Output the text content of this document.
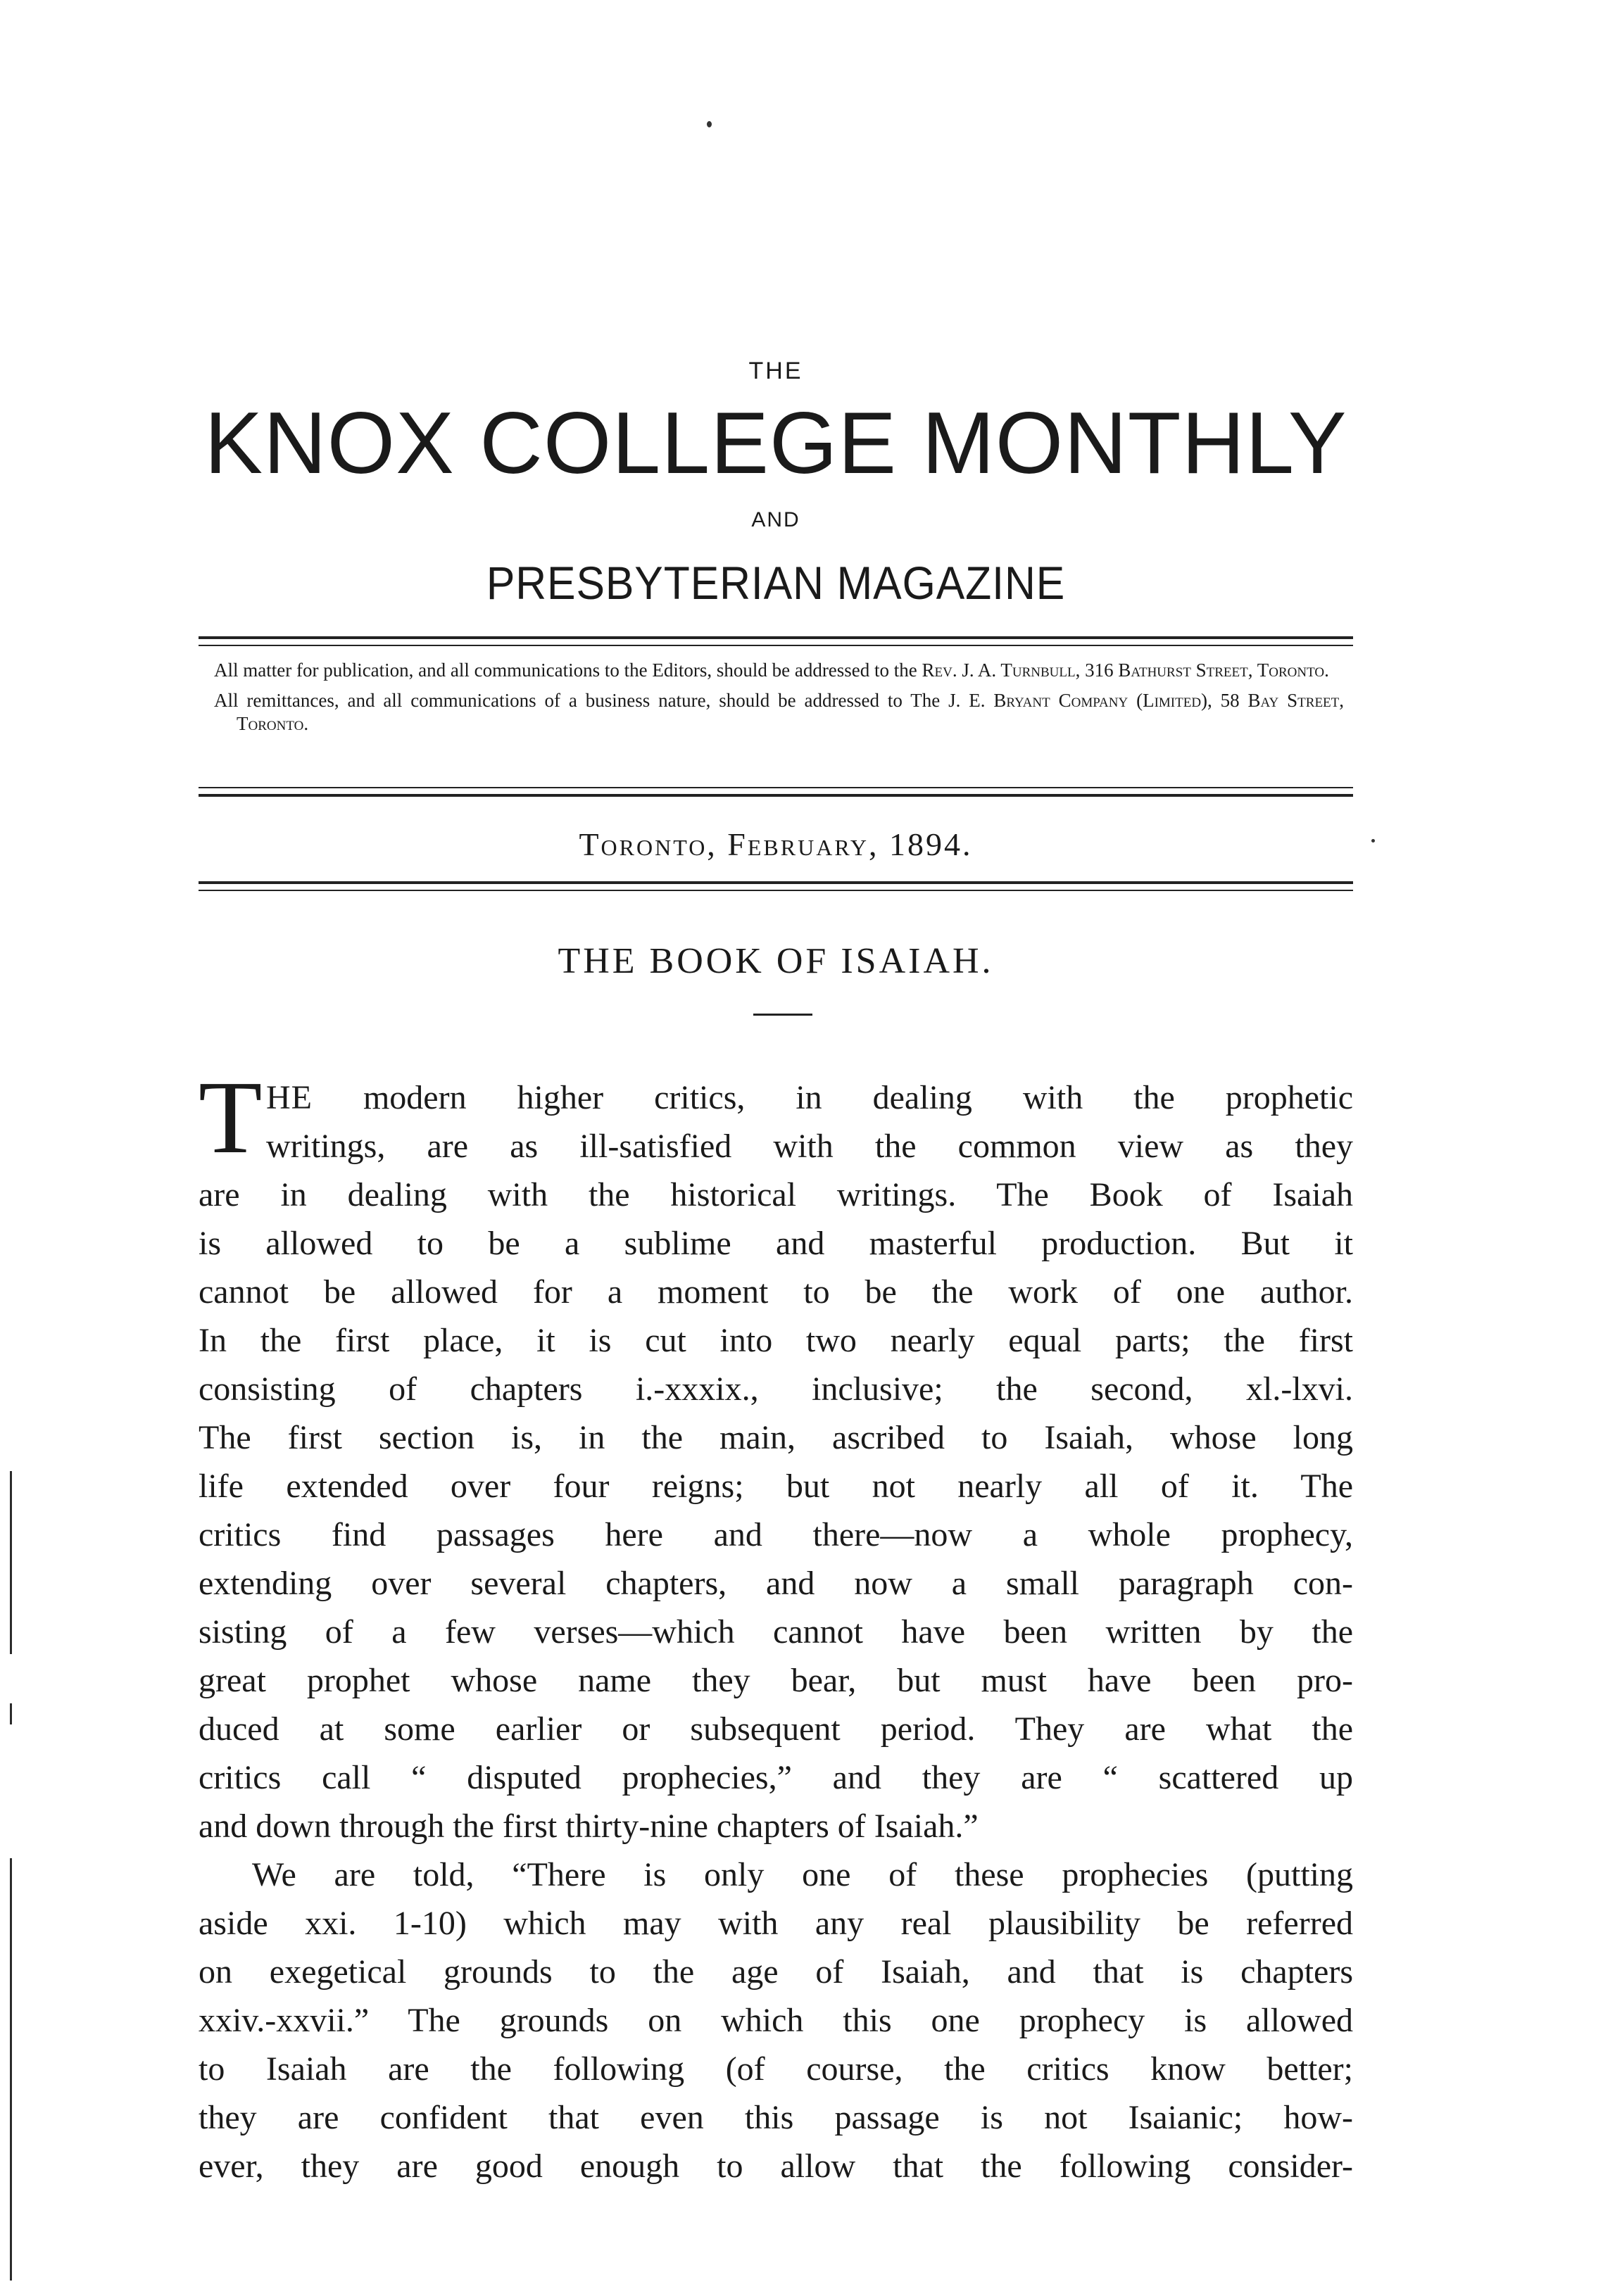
THE
KNOX COLLEGE MONTHLY
AND
PRESBYTERIAN MAGAZINE
All matter for publication, and all communications to the Editors, should be addressed to the Rev. J. A. Turnbull, 316 Bathurst Street, Toronto.
All remittances, and all communications of a business nature, should be addressed to The J. E. Bryant Company (Limited), 58 Bay Street, Toronto.
Toronto, February, 1894.
THE BOOK OF ISAIAH.
T HE modern higher critics, in dealing with the prophetic
writings, are as ill-satisfied with the common view as they
are in dealing with the historical writings. The Book of Isaiah
is allowed to be a sublime and masterful production. But it
cannot be allowed for a moment to be the work of one author.
In the first place, it is cut into two nearly equal parts; the first
consisting of chapters i.-xxxix., inclusive; the second, xl.-lxvi.
The first section is, in the main, ascribed to Isaiah, whose long
life extended over four reigns; but not nearly all of it. The
critics find passages here and there—now a whole prophecy,
extending over several chapters, and now a small paragraph con-
sisting of a few verses—which cannot have been written by the
great prophet whose name they bear, but must have been pro-
duced at some earlier or subsequent period. They are what the
critics call “ disputed prophecies,” and they are “ scattered up
and down through the first thirty-nine chapters of Isaiah.”
We are told, “There is only one of these prophecies (putting
aside xxi. 1-10) which may with any real plausibility be referred
on exegetical grounds to the age of Isaiah, and that is chapters
xxiv.-xxvii.” The grounds on which this one prophecy is allowed
to Isaiah are the following (of course, the critics know better;
they are confident that even this passage is not Isaianic; how-
ever, they are good enough to allow that the following consider-
